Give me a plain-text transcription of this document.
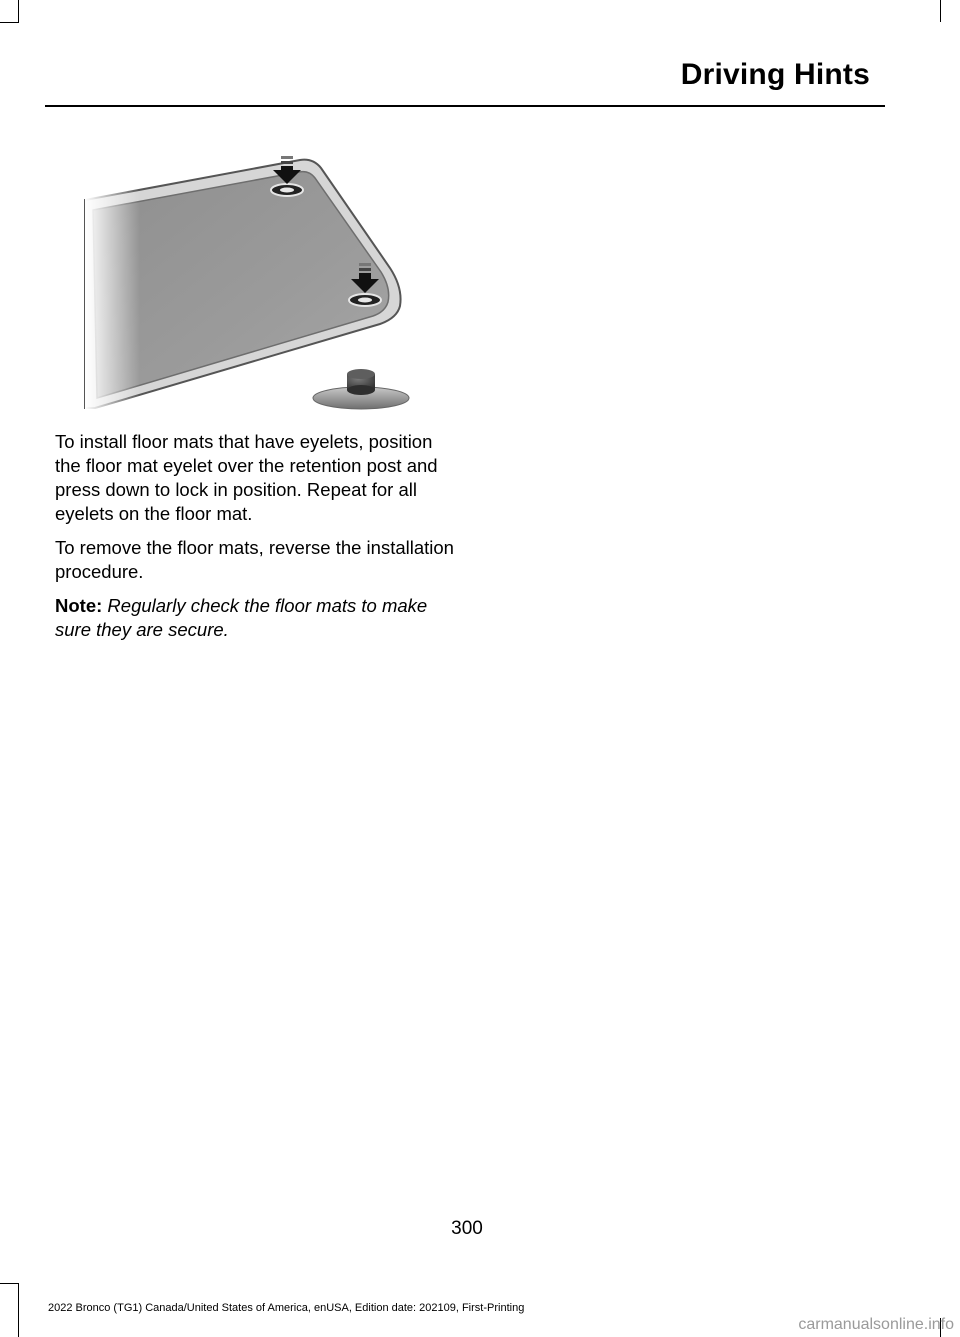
Driving Hints

To install floor mats that have eyelets, position the floor mat eyelet over the retention post and press down to lock in position. Repeat for all eyelets on the floor mat.

To remove the floor mats, reverse the installation procedure.

Note: Regularly check the floor mats to make sure they are secure.

300
2022 Bronco (TG1) Canada/United States of America, enUSA, Edition date: 202109, First-Printing
carmanualsonline.info
